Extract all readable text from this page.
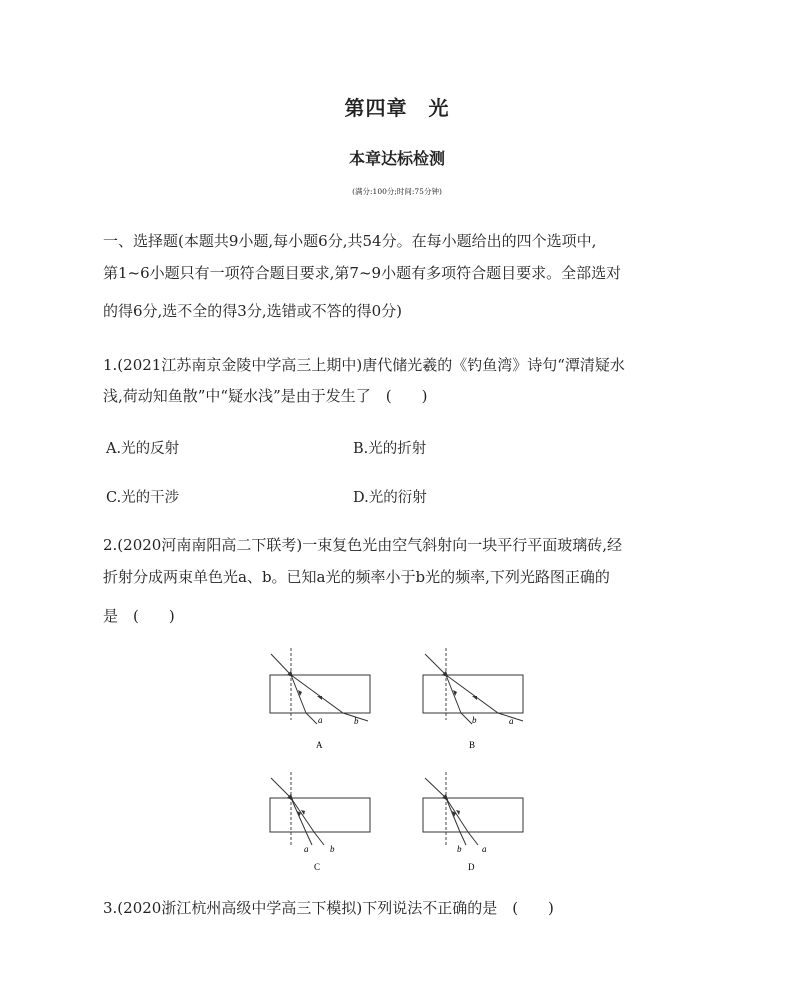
第四章　光
本章达标检测
(满分:100分;时间:75分钟)
一、选择题(本题共9小题,每小题6分,共54分。在每小题给出的四个选项中,
第1~6小题只有一项符合题目要求,第7~9小题有多项符合题目要求。全部选对
的得6分,选不全的得3分,选错或不答的得0分)
1.(2021江苏南京金陵中学高三上期中)唐代储光羲的《钓鱼湾》诗句“潭清疑水
浅,荷动知鱼散”中“疑水浅”是由于发生了　(　　)
A.光的反射	B.光的折射
C.光的干涉	D.光的衍射
2.(2020河南南阳高二下联考)一束复色光由空气斜射向一块平行平面玻璃砖,经
折射分成两束单色光a、b。已知a光的频率小于b光的频率,下列光路图正确的
是　(　　)
a	b
A
b	a
B
a b
C
b a
D
3.(2020浙江杭州高级中学高三下模拟)下列说法不正确的是　(　　)
